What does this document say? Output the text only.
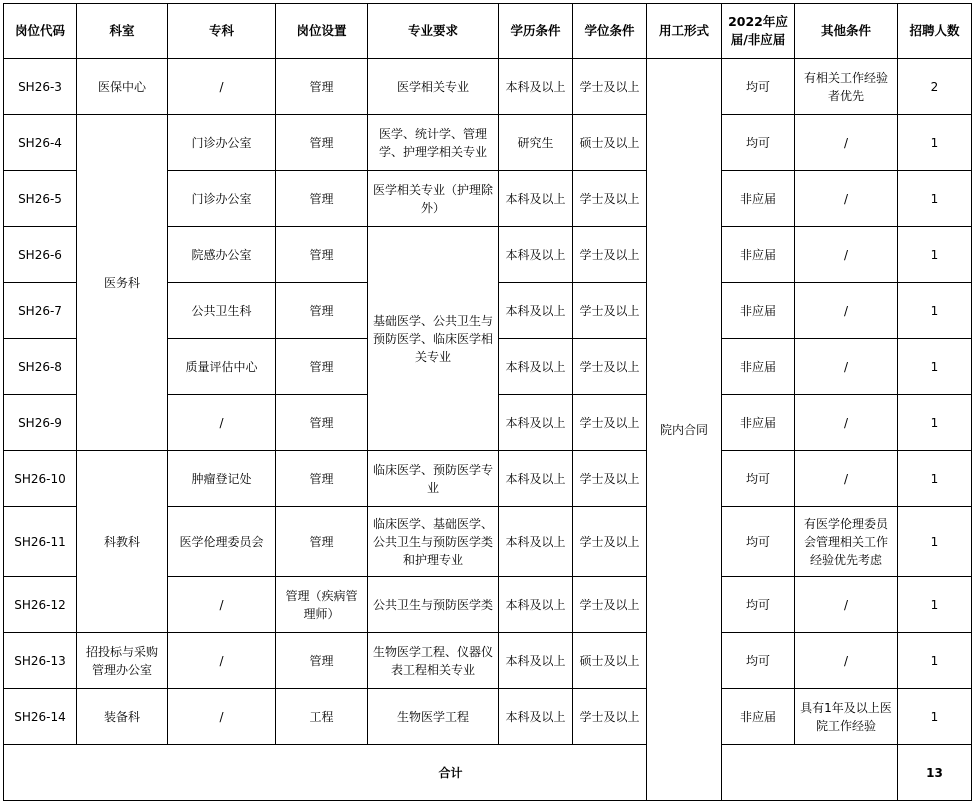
岗位代码	科室	专科	岗位设置	专业要求	学历条件	学位条件	用工形式	2022年应届/非应届	其他条件	招聘人数
SH26-3	医保中心	/	管理	医学相关专业	本科及以上	学士及以上	院内合同	均可	有相关工作经验者优先	2
SH26-4	医务科	门诊办公室	管理	医学、统计学、管理学、护理学相关专业	研究生	硕士及以上		均可	/	1
SH26-5		门诊办公室	管理	医学相关专业（护理除外）	本科及以上	学士及以上		非应届	/	1
SH26-6		院感办公室	管理	基础医学、公共卫生与预防医学、临床医学相关专业	本科及以上	学士及以上		非应届	/	1
SH26-7		公共卫生科	管理		本科及以上	学士及以上		非应届	/	1
SH26-8		质量评估中心	管理		本科及以上	学士及以上		非应届	/	1
SH26-9		/	管理		本科及以上	学士及以上		非应届	/	1
SH26-10	科教科	肿瘤登记处	管理	临床医学、预防医学专业	本科及以上	学士及以上		均可	/	1
SH26-11		医学伦理委员会	管理	临床医学、基础医学、公共卫生与预防医学类和护理专业	本科及以上	学士及以上		均可	有医学伦理委员会管理相关工作经验优先考虑	1
SH26-12		/	管理（疾病管理师）	公共卫生与预防医学类	本科及以上	学士及以上		均可	/	1
SH26-13	招投标与采购管理办公室	/	管理	生物医学工程、仪器仪表工程相关专业	本科及以上	硕士及以上		均可	/	1
SH26-14	装备科	/	工程	生物医学工程	本科及以上	学士及以上		非应届	具有1年及以上医院工作经验	1
合计										13
